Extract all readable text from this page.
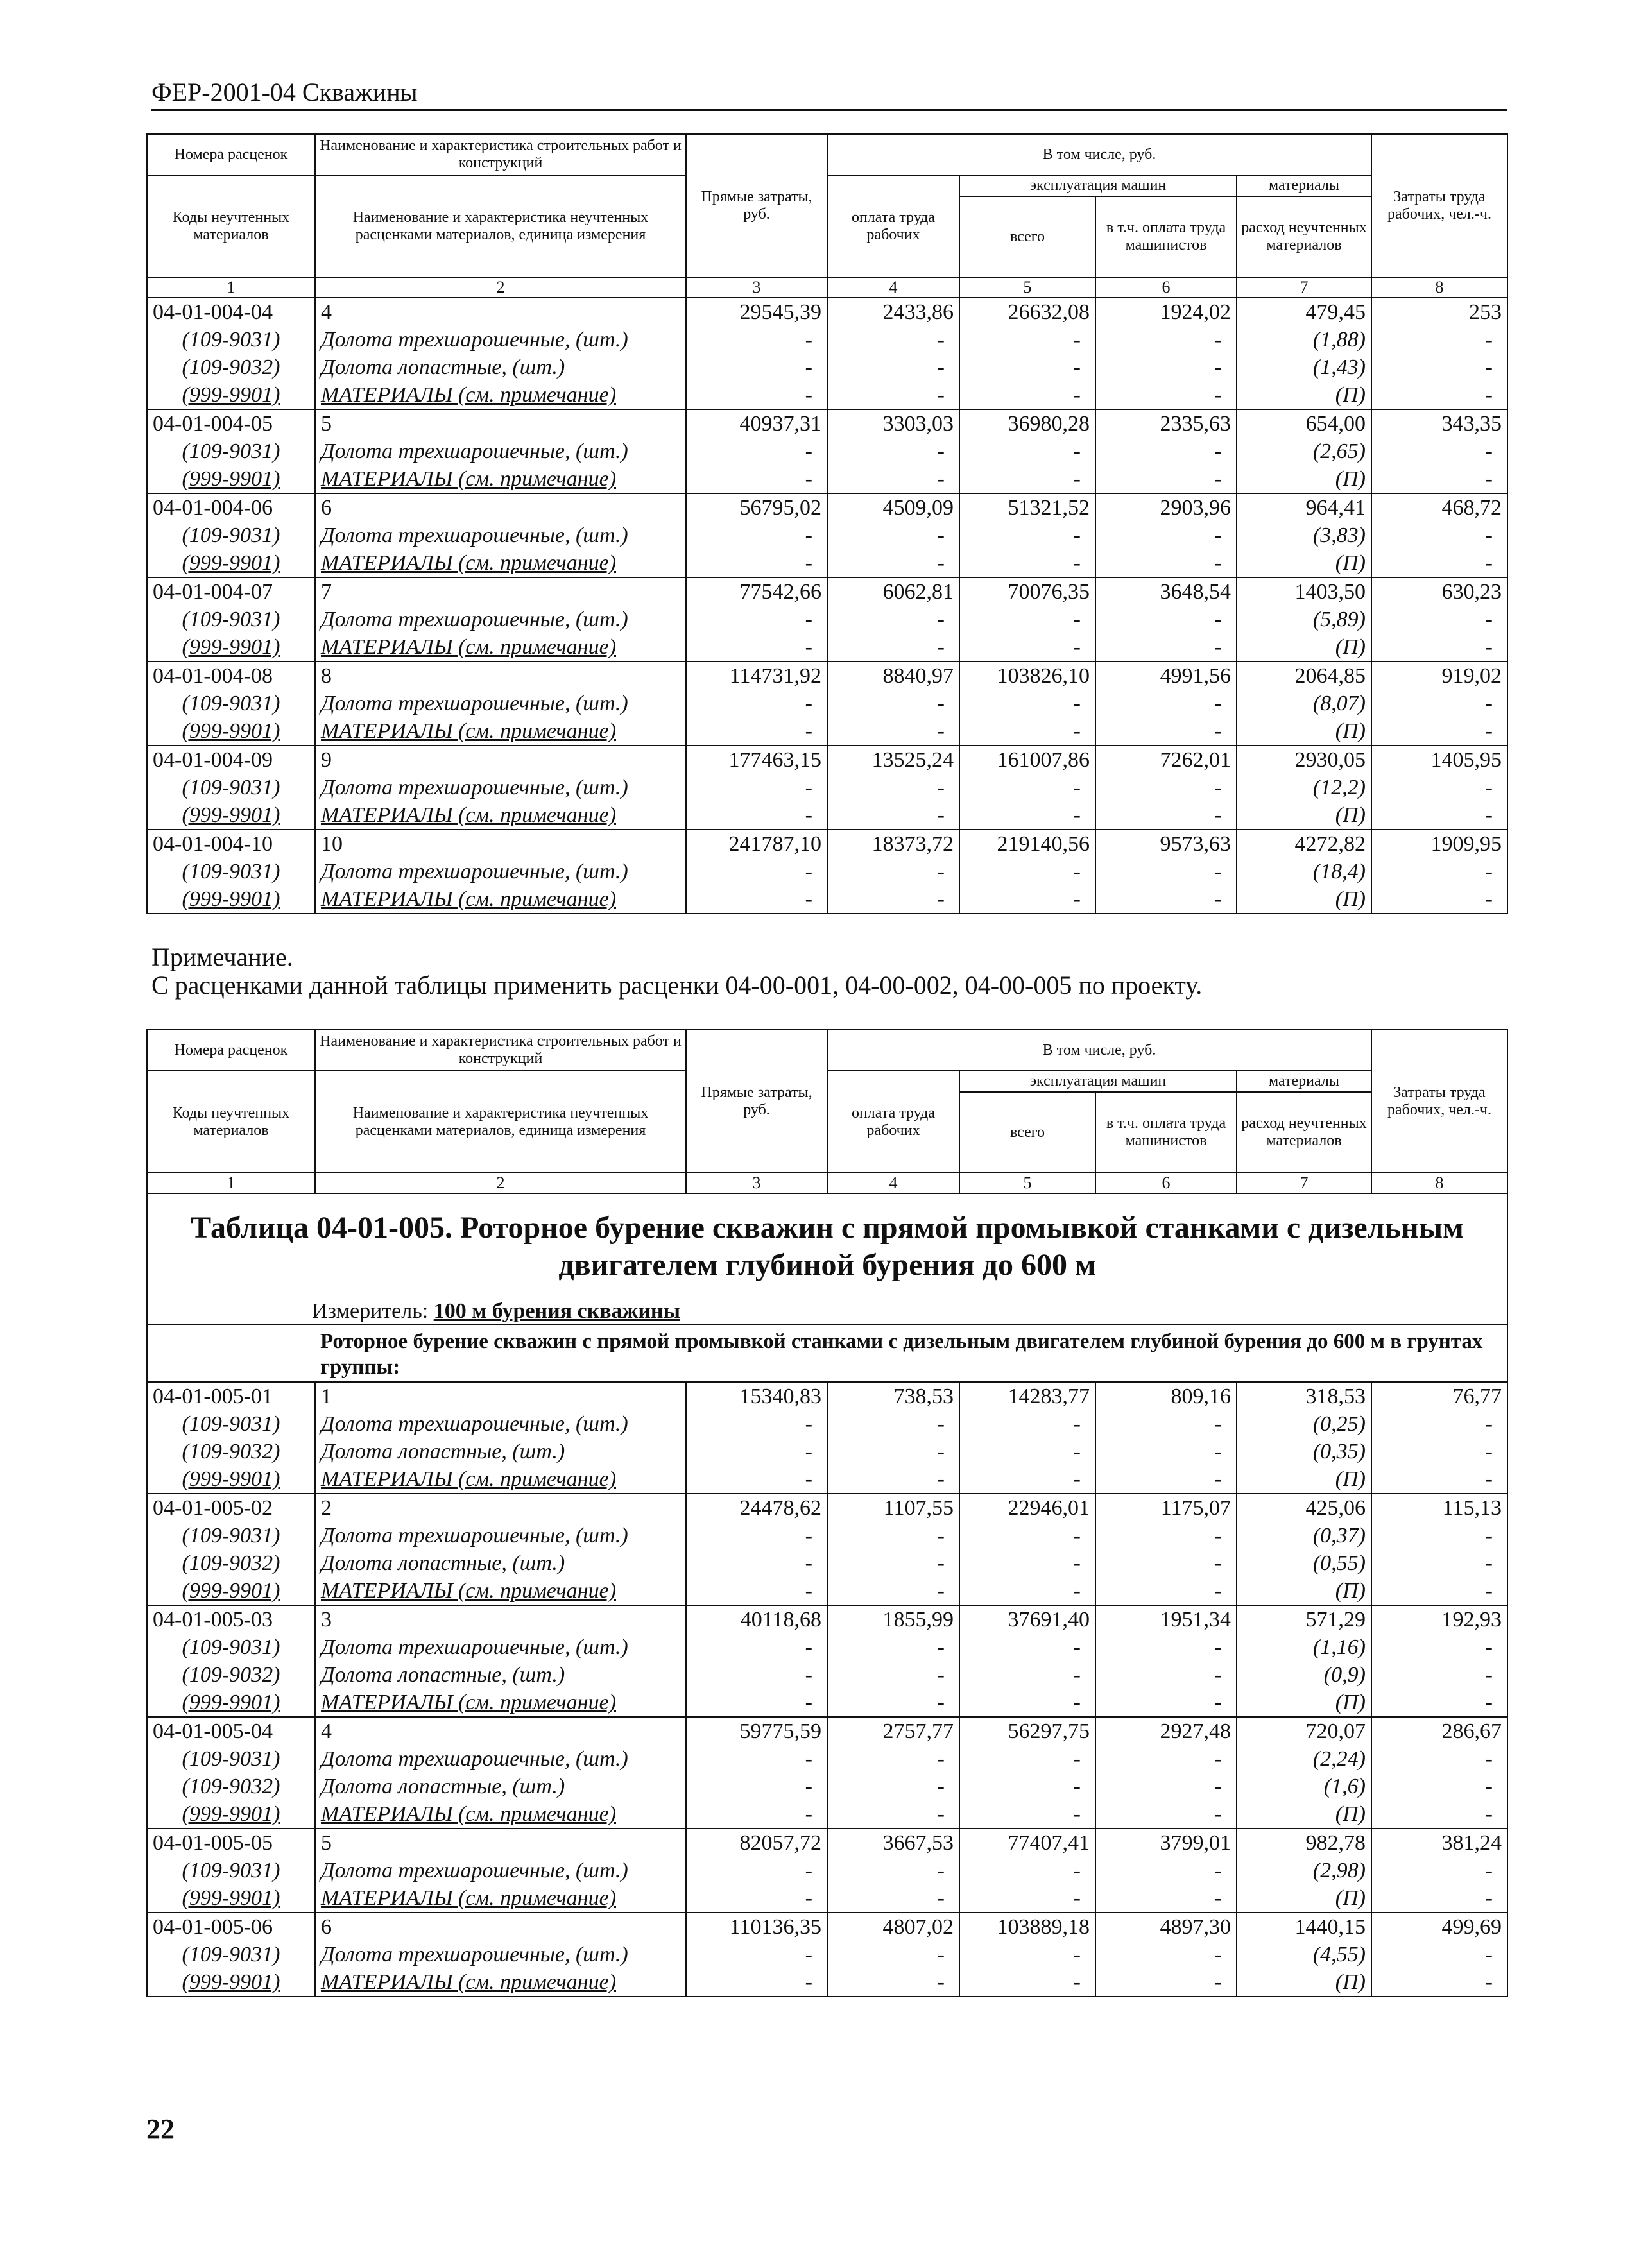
ФЕР-2001-04 Скважины
Номера расценок	Наименование и характеристика строительных работ и конструкций	Прямые затраты, руб.	В том числе, руб.				Затраты труда рабочих, чел.-ч.
Коды неучтенных материалов	Наименование и характеристика неучтенных расценками материалов, единица измерения		оплата труда рабочих	эксплуатация машин		материалы	
				всего	в т.ч. оплата труда машинистов	расход неучтенных материалов	

1	2	3	4	5	6	7	8
04-01-004-04	4	29545,39	2433,86	26632,08	1924,02	479,45	253
(109-9031)	Долота трехшарошечные, (шт.)	-	-	-	-	(1,88)	-
(109-9032)	Долота лопастные, (шт.)	-	-	-	-	(1,43)	-
(999-9901)	МАТЕРИАЛЫ (см. примечание)	-	-	-	-	(П)	-
04-01-004-05	5	40937,31	3303,03	36980,28	2335,63	654,00	343,35
(109-9031)	Долота трехшарошечные, (шт.)	-	-	-	-	(2,65)	-
(999-9901)	МАТЕРИАЛЫ (см. примечание)	-	-	-	-	(П)	-
04-01-004-06	6	56795,02	4509,09	51321,52	2903,96	964,41	468,72
(109-9031)	Долота трехшарошечные, (шт.)	-	-	-	-	(3,83)	-
(999-9901)	МАТЕРИАЛЫ (см. примечание)	-	-	-	-	(П)	-
04-01-004-07	7	77542,66	6062,81	70076,35	3648,54	1403,50	630,23
(109-9031)	Долота трехшарошечные, (шт.)	-	-	-	-	(5,89)	-
(999-9901)	МАТЕРИАЛЫ (см. примечание)	-	-	-	-	(П)	-
04-01-004-08	8	114731,92	8840,97	103826,10	4991,56	2064,85	919,02
(109-9031)	Долота трехшарошечные, (шт.)	-	-	-	-	(8,07)	-
(999-9901)	МАТЕРИАЛЫ (см. примечание)	-	-	-	-	(П)	-
04-01-004-09	9	177463,15	13525,24	161007,86	7262,01	2930,05	1405,95
(109-9031)	Долота трехшарошечные, (шт.)	-	-	-	-	(12,2)	-
(999-9901)	МАТЕРИАЛЫ (см. примечание)	-	-	-	-	(П)	-
04-01-004-10	10	241787,10	18373,72	219140,56	9573,63	4272,82	1909,95
(109-9031)	Долота трехшарошечные, (шт.)	-	-	-	-	(18,4)	-
(999-9901)	МАТЕРИАЛЫ (см. примечание)	-	-	-	-	(П)	-
Примечание.
С расценками данной таблицы применить расценки 04-00-001, 04-00-002, 04-00-005 по проекту.
Номера расценок	Наименование и характеристика строительных работ и конструкций	Прямые затраты, руб.	В том числе, руб.				Затраты труда рабочих, чел.-ч.
Коды неучтенных материалов	Наименование и характеристика неучтенных расценками материалов, единица измерения		оплата труда рабочих	эксплуатация машин		материалы	
				всего	в т.ч. оплата труда машинистов	расход неучтенных материалов	

1	2	3	4	5	6	7	8

Таблица 04-01-005. Роторное бурение скважин с прямой промывкой станками с дизельным
двигателем глубиной бурения до 600 м							

Измеритель: 100 м бурения скважины							
	Роторное бурение скважин с прямой промывкой станками с дизельным двигателем глубиной бурения до 600 м в грунтах группы:						
04-01-005-01	1	15340,83	738,53	14283,77	809,16	318,53	76,77
(109-9031)	Долота трехшарошечные, (шт.)	-	-	-	-	(0,25)	-
(109-9032)	Долота лопастные, (шт.)	-	-	-	-	(0,35)	-
(999-9901)	МАТЕРИАЛЫ (см. примечание)	-	-	-	-	(П)	-
04-01-005-02	2	24478,62	1107,55	22946,01	1175,07	425,06	115,13
(109-9031)	Долота трехшарошечные, (шт.)	-	-	-	-	(0,37)	-
(109-9032)	Долота лопастные, (шт.)	-	-	-	-	(0,55)	-
(999-9901)	МАТЕРИАЛЫ (см. примечание)	-	-	-	-	(П)	-
04-01-005-03	3	40118,68	1855,99	37691,40	1951,34	571,29	192,93
(109-9031)	Долота трехшарошечные, (шт.)	-	-	-	-	(1,16)	-
(109-9032)	Долота лопастные, (шт.)	-	-	-	-	(0,9)	-
(999-9901)	МАТЕРИАЛЫ (см. примечание)	-	-	-	-	(П)	-
04-01-005-04	4	59775,59	2757,77	56297,75	2927,48	720,07	286,67
(109-9031)	Долота трехшарошечные, (шт.)	-	-	-	-	(2,24)	-
(109-9032)	Долота лопастные, (шт.)	-	-	-	-	(1,6)	-
(999-9901)	МАТЕРИАЛЫ (см. примечание)	-	-	-	-	(П)	-
04-01-005-05	5	82057,72	3667,53	77407,41	3799,01	982,78	381,24
(109-9031)	Долота трехшарошечные, (шт.)	-	-	-	-	(2,98)	-
(999-9901)	МАТЕРИАЛЫ (см. примечание)	-	-	-	-	(П)	-
04-01-005-06	6	110136,35	4807,02	103889,18	4897,30	1440,15	499,69
(109-9031)	Долота трехшарошечные, (шт.)	-	-	-	-	(4,55)	-
(999-9901)	МАТЕРИАЛЫ (см. примечание)	-	-	-	-	(П)	-
22
